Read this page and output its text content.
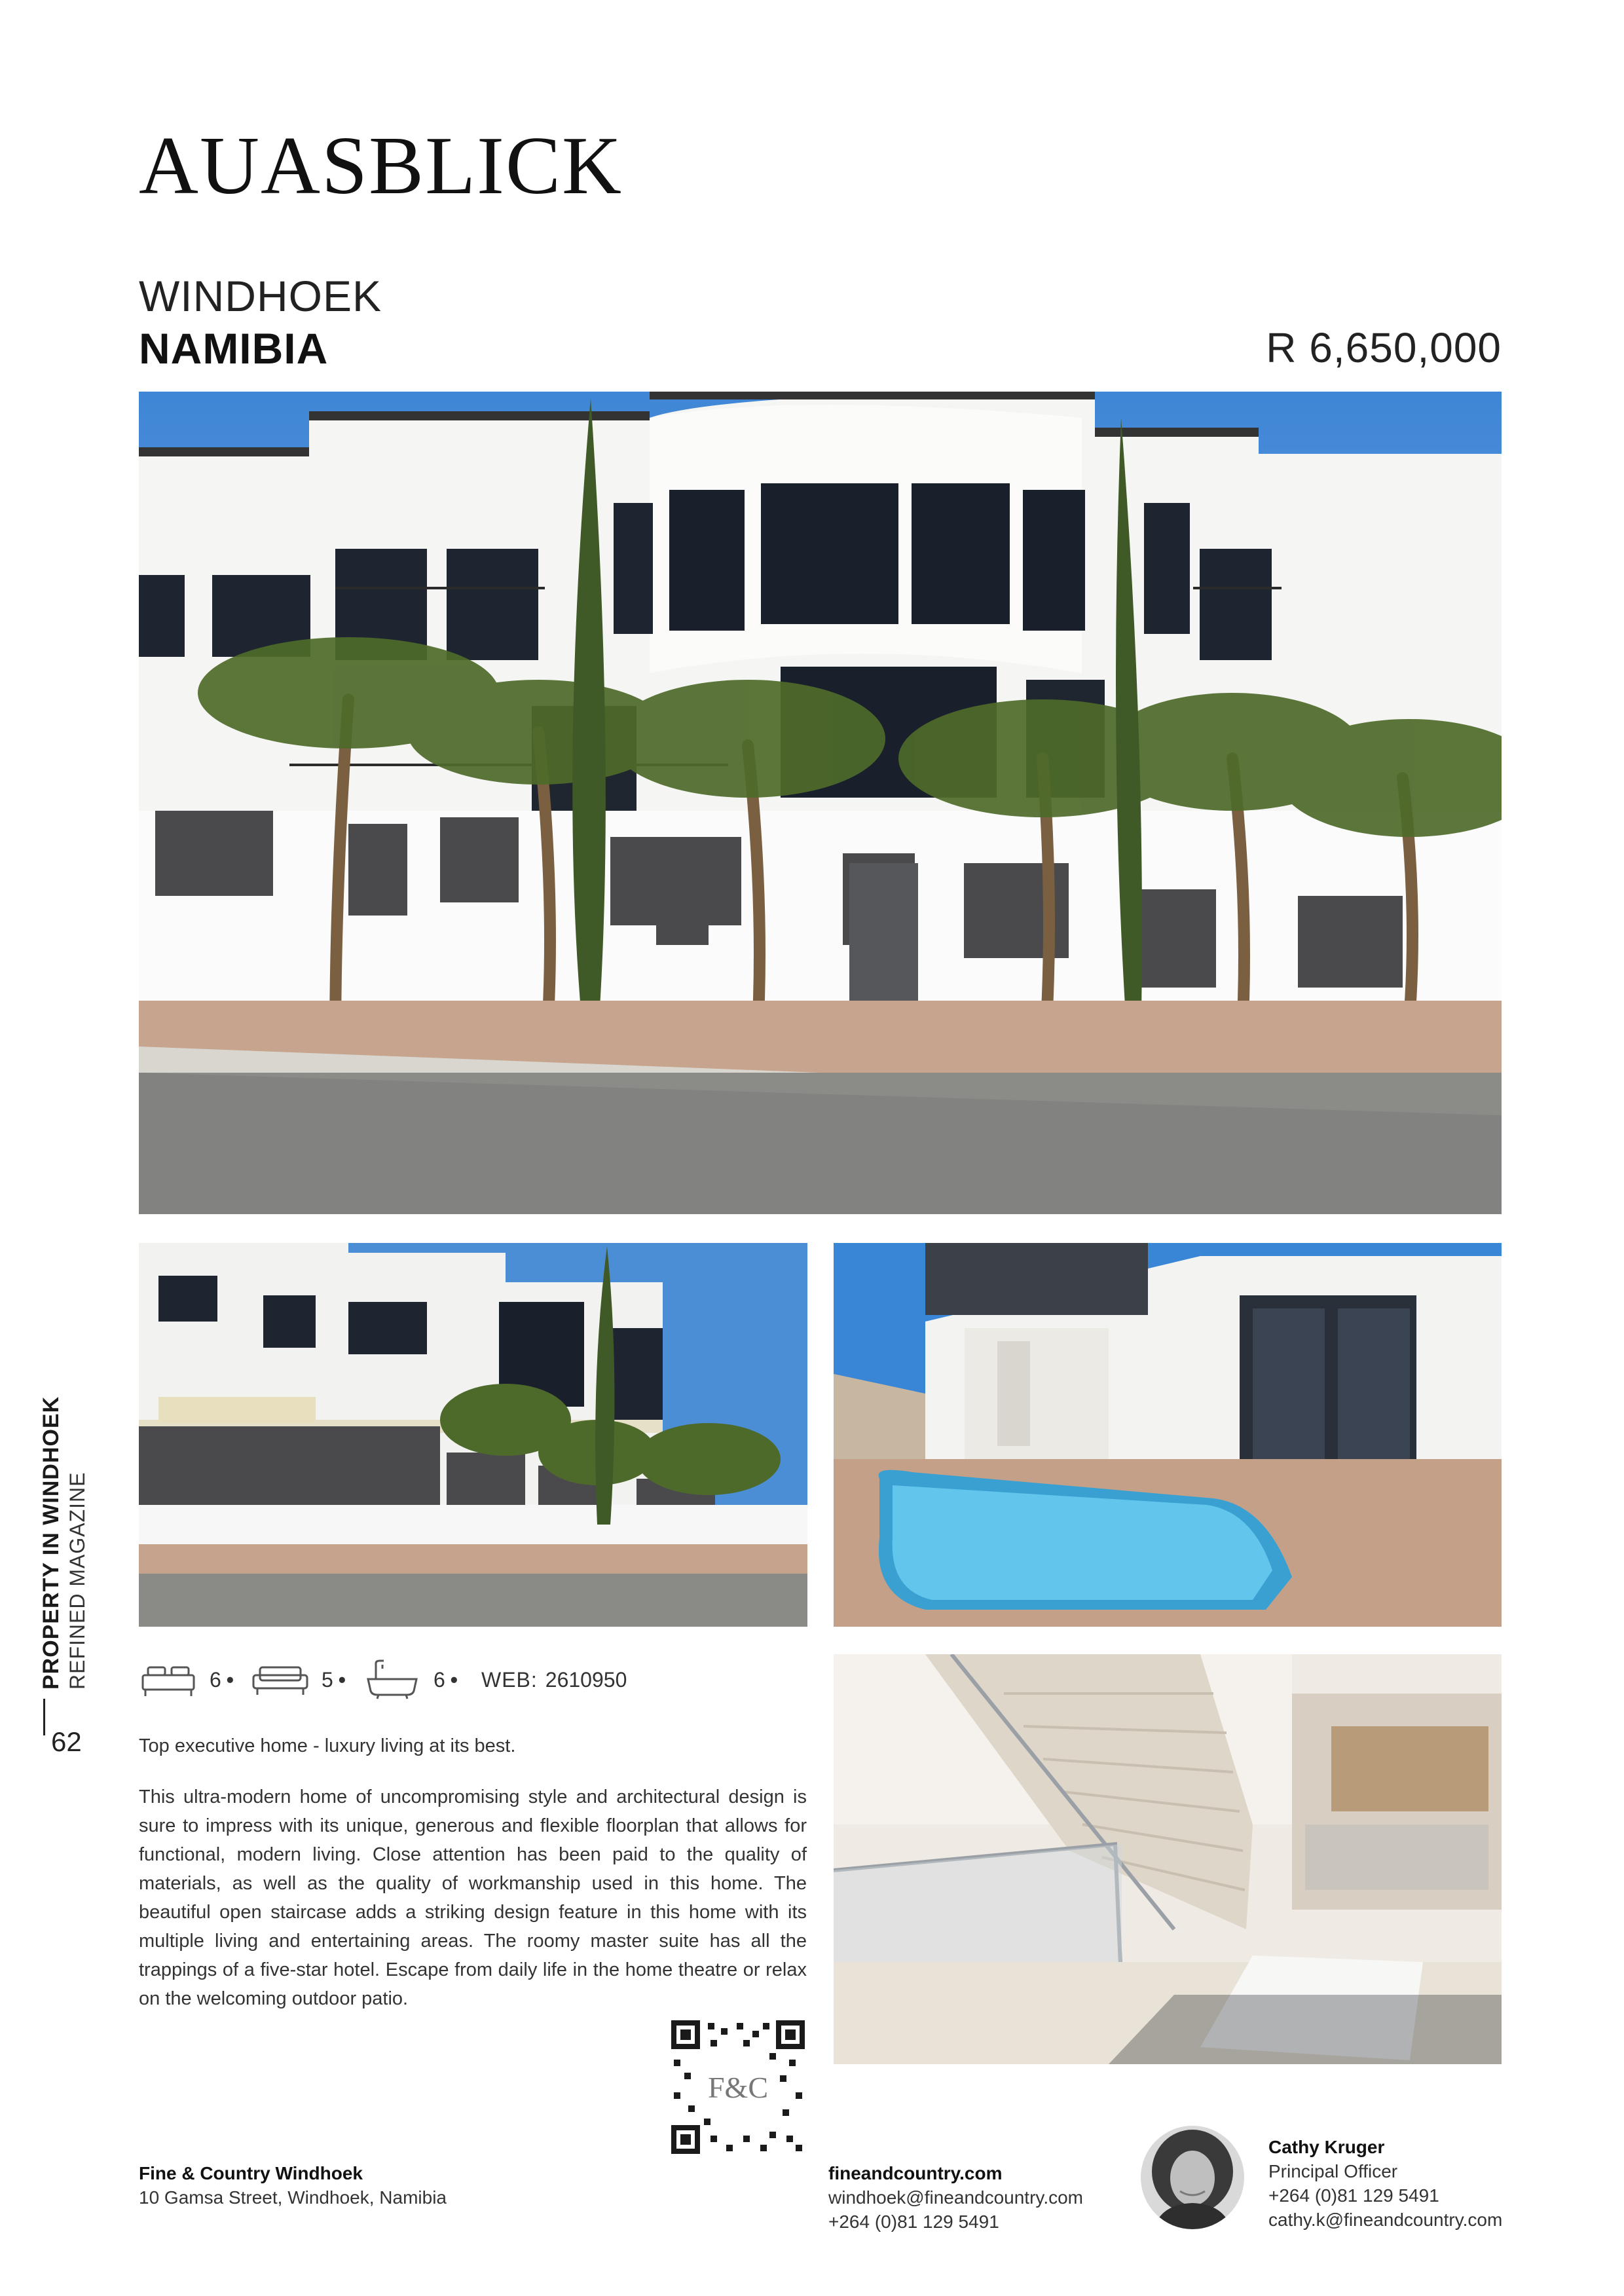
AUASBLICK
WINDHOEK
NAMIBIA	R 6,650,000
PROPERTY IN WINDHOEK REFINED MAGAZINE
62
6 •	5 •	6 • WEB: 2610950
Top executive home - luxury living at its best.

This ultra-modern home of uncompromising style and architectural design is sure to impress with its unique, generous and flexible floorplan that allows for functional, modern living. Close attention has been paid to the quality of materials, as well as the quality of workmanship used in this home. The beautiful open staircase adds a striking design feature in this home with its multiple living and entertaining areas. The roomy master suite has all the trappings of a five-star hotel. Escape from daily life in the home theatre or relax on the welcoming outdoor patio.

F&C
Fine & Country Windhoek
10 Gamsa Street, Windhoek, Namibia
fineandcountry.com
windhoek@fineandcountry.com
+264 (0)81 129 5491
Cathy Kruger
Principal Officer
+264 (0)81 129 5491
cathy.k@fineandcountry.com
